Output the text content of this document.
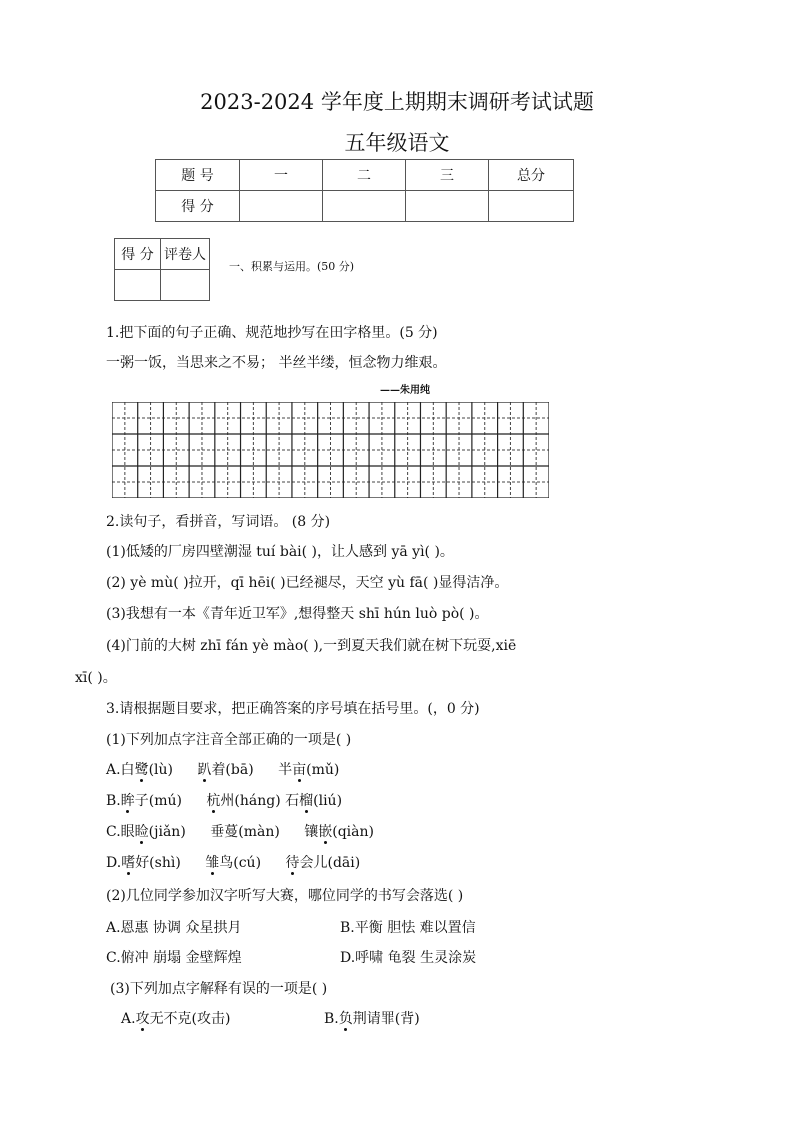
2023-2024 学年度上期期末调研考试试题
五年级语文
题 号	一	二	三	总分
得 分				
得 分	评卷人

一、积累与运用。(50 分)
1.把下面的句子正确、规范地抄写在田字格里。(5 分)
一粥一饭，当思来之不易； 半丝半缕，恒念物力维艰。
——朱用纯
2.读句子，看拼音，写词语。 (8 分)
(1)低矮的厂房四壁潮湿 tuí bài( )，让人感到 yā yì( )。
(2) yè mù( )拉开，qī hēi( )已经褪尽，天空 yù fā( )显得洁净。
(3)我想有一本《青年近卫军》,想得整天 shī hún luò pò( )。
(4)门前的大树 zhī fán yè mào( ),一到夏天我们就在树下玩耍,xiē
xī( )。
3.请根据题目要求，把正确答案的序号填在括号里。(，0 分)
(1)下列加点字注音全部正确的一项是( )
A.白鹭(lù) 趴着(bā) 半亩(mǔ)
B.眸子(mú) 杭州(háng) 石榴(liú)
C.眼睑(jiǎn) 垂蔓(màn) 镶嵌(qiàn)
D.嗜好(shì) 雏鸟(cú) 待会儿(dāi)
(2)几位同学参加汉字听写大赛，哪位同学的书写会落选( )
A.恩惠 协调 众星拱月	B.平衡 胆怯 难以置信
C.俯冲 崩塌 金壁辉煌	D.呼啸 龟裂 生灵涂炭
(3)下列加点字解释有误的一项是( )
A.攻无不克(攻击)	B.负荆请罪(背)
